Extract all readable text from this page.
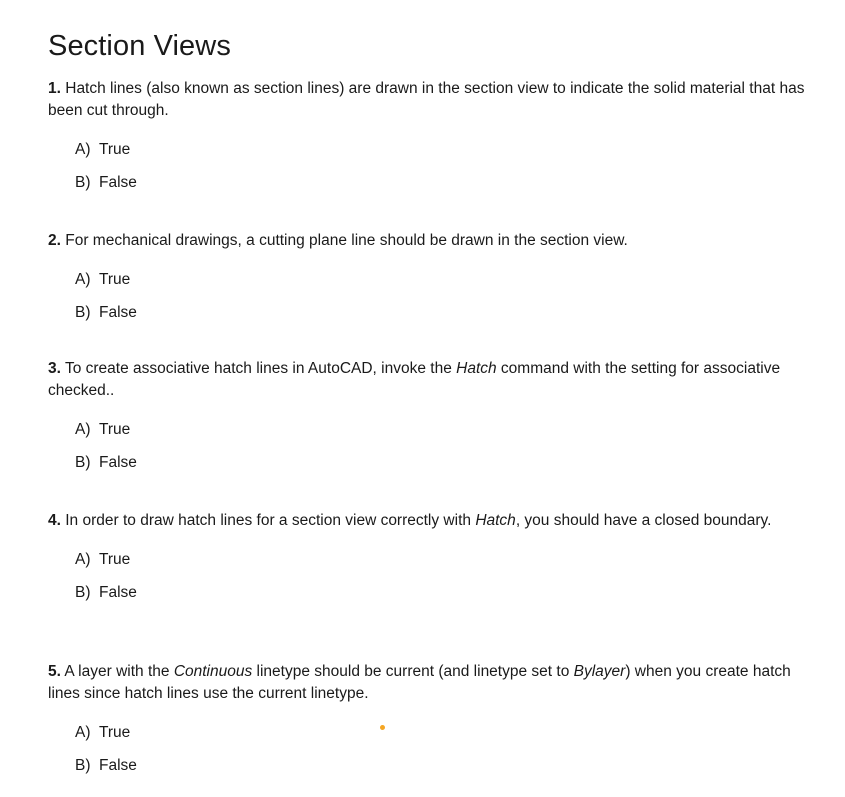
Section Views

1. Hatch lines (also known as section lines) are drawn in the section view to indicate the solid material that has been cut through.

A) True
B) False

2. For mechanical drawings, a cutting plane line should be drawn in the section view.

A) True
B) False

3. To create associative hatch lines in AutoCAD, invoke the Hatch command with the setting for associative checked..

A) True
B) False

4. In order to draw hatch lines for a section view correctly with Hatch, you should have a closed boundary.

A) True
B) False

5. A layer with the Continuous linetype should be current (and linetype set to Bylayer) when you create hatch lines since hatch lines use the current linetype.

A) True
B) False
